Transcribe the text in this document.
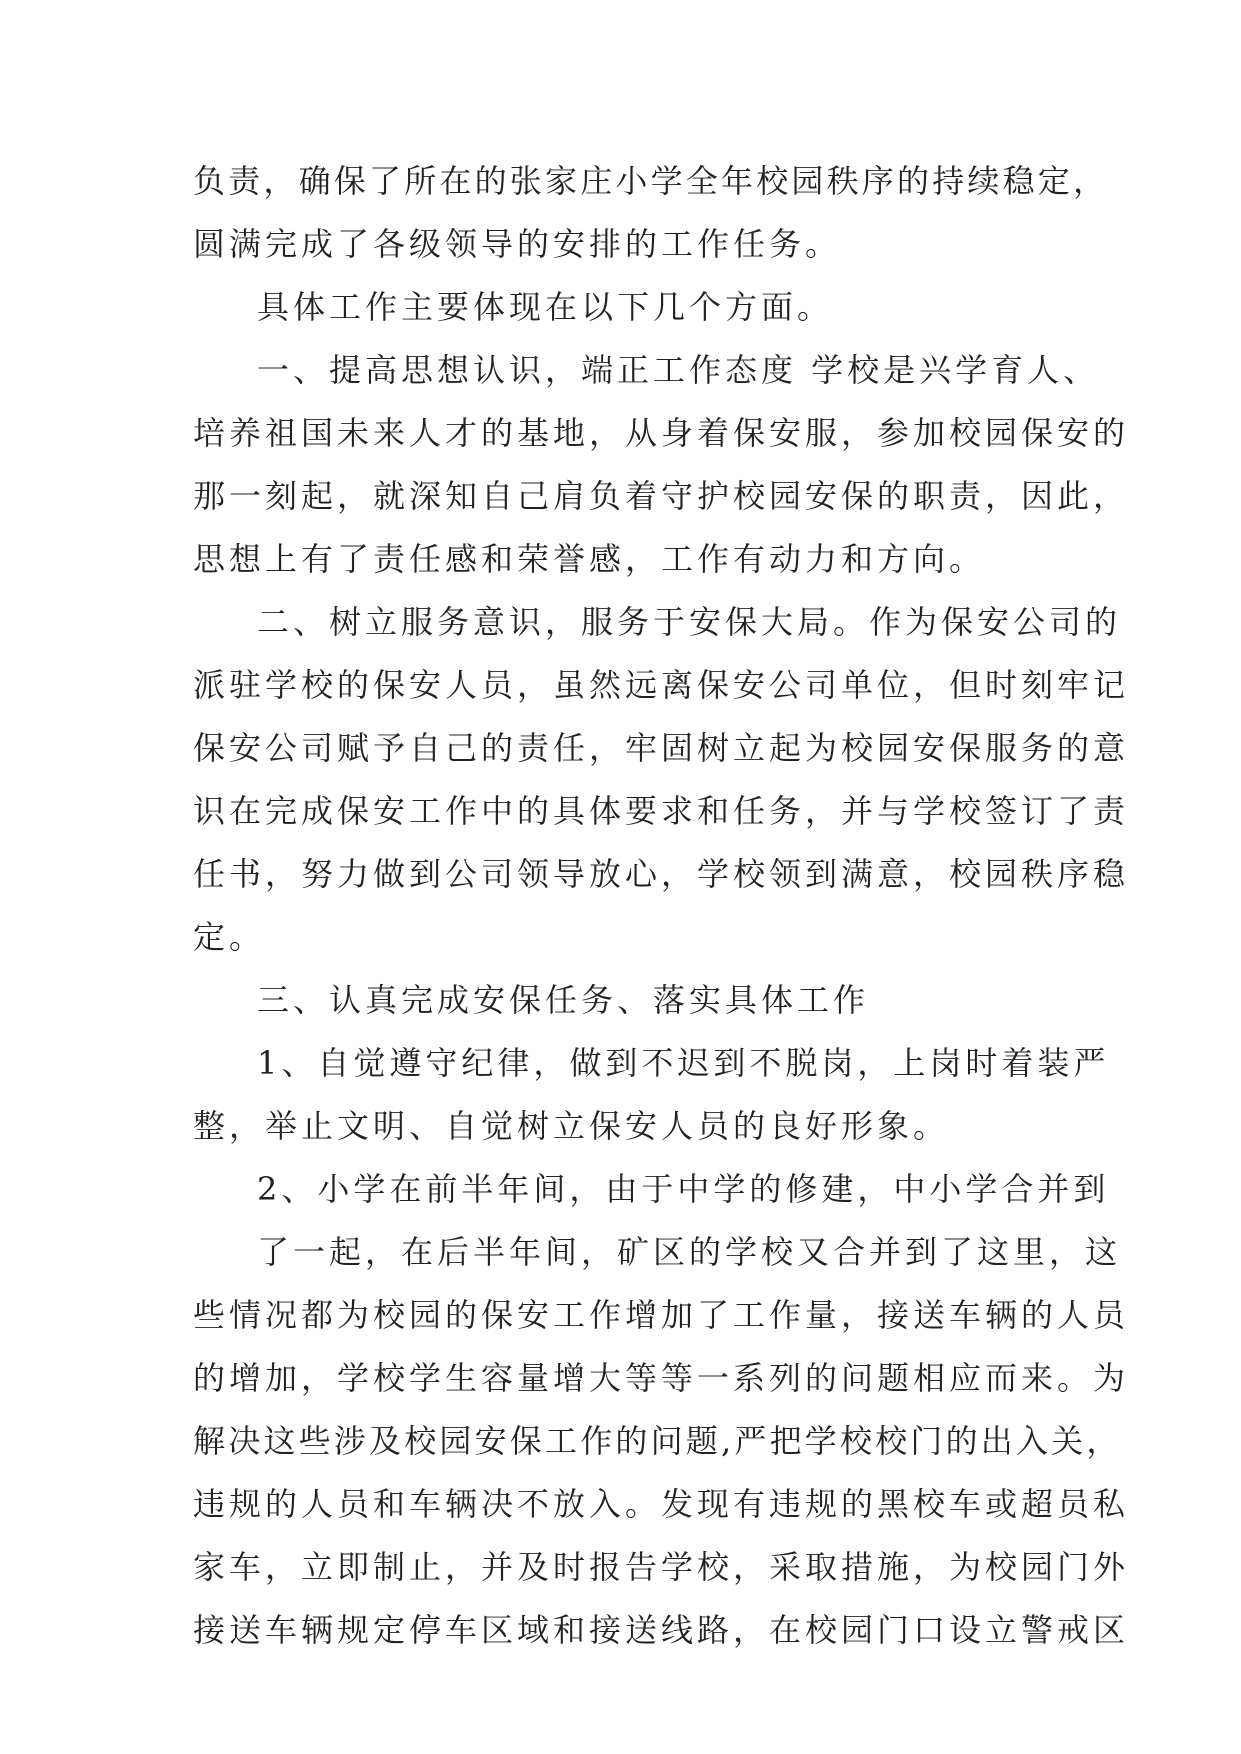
负责，确保了所在的张家庄小学全年校园秩序的持续稳定，
圆满完成了各级领导的安排的工作任务。
具体工作主要体现在以下几个方面。
一、提高思想认识，端正工作态度 学校是兴学育人、
培养祖国未来人才的基地，从身着保安服，参加校园保安的
那一刻起，就深知自己肩负着守护校园安保的职责，因此，
思想上有了责任感和荣誉感，工作有动力和方向。
二、树立服务意识，服务于安保大局。作为保安公司的
派驻学校的保安人员，虽然远离保安公司单位，但时刻牢记
保安公司赋予自己的责任，牢固树立起为校园安保服务的意
识在完成保安工作中的具体要求和任务，并与学校签订了责
任书，努力做到公司领导放心，学校领到满意，校园秩序稳
定。
三、认真完成安保任务、落实具体工作
1、自觉遵守纪律，做到不迟到不脱岗，上岗时着装严
整，举止文明、自觉树立保安人员的良好形象。
2、小学在前半年间，由于中学的修建，中小学合并到
了一起，在后半年间，矿区的学校又合并到了这里，这
些情况都为校园的保安工作增加了工作量，接送车辆的人员
的增加，学校学生容量增大等等一系列的问题相应而来。为
解决这些涉及校园安保工作的问题,严把学校校门的出入关，
违规的人员和车辆决不放入。发现有违规的黑校车或超员私
家车，立即制止，并及时报告学校，采取措施，为校园门外
接送车辆规定停车区域和接送线路，在校园门口设立警戒区
